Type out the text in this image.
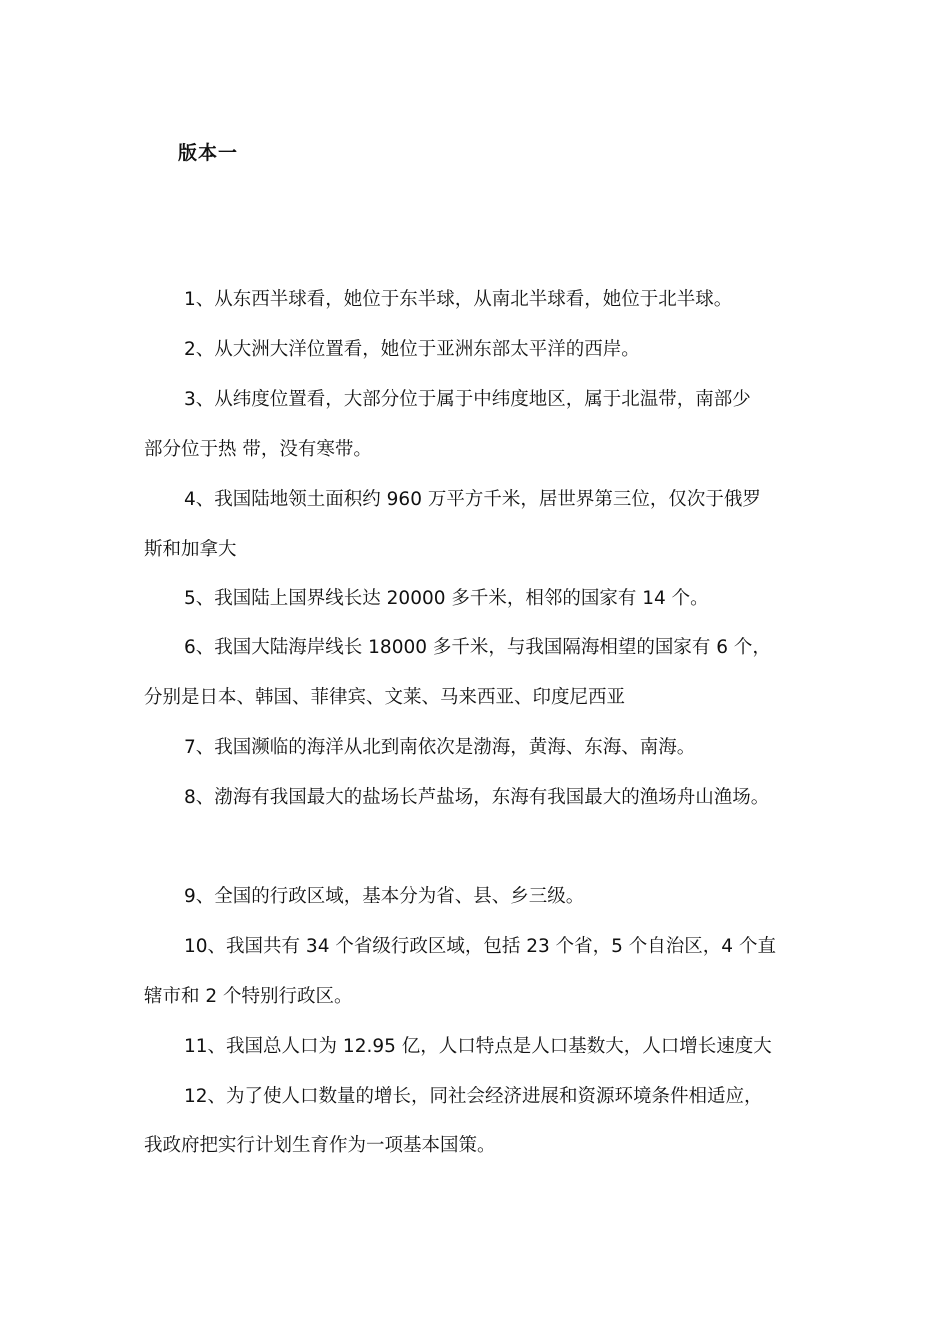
版本一
1、从东西半球看，她位于东半球，从南北半球看，她位于北半球。
2、从大洲大洋位置看，她位于亚洲东部太平洋的西岸。
3、从纬度位置看，大部分位于属于中纬度地区，属于北温带，南部少
部分位于热 带，没有寒带。
4、我国陆地领土面积约 960 万平方千米，居世界第三位，仅次于俄罗
斯和加拿大
5、我国陆上国界线长达 20000 多千米，相邻的国家有 14 个。
6、我国大陆海岸线长 18000 多千米，与我国隔海相望的国家有 6 个，
分别是日本、韩国、菲律宾、文莱、马来西亚、印度尼西亚
7、我国濒临的海洋从北到南依次是渤海，黄海、东海、南海。
8、渤海有我国最大的盐场长芦盐场，东海有我国最大的渔场舟山渔场。
9、全国的行政区域，基本分为省、县、乡三级。
10、我国共有 34 个省级行政区域，包括 23 个省，5 个自治区，4 个直
辖市和 2 个特别行政区。
11、我国总人口为 12.95 亿，人口特点是人口基数大，人口增长速度大
12、为了使人口数量的增长，同社会经济进展和资源环境条件相适应，
我政府把实行计划生育作为一项基本国策。
